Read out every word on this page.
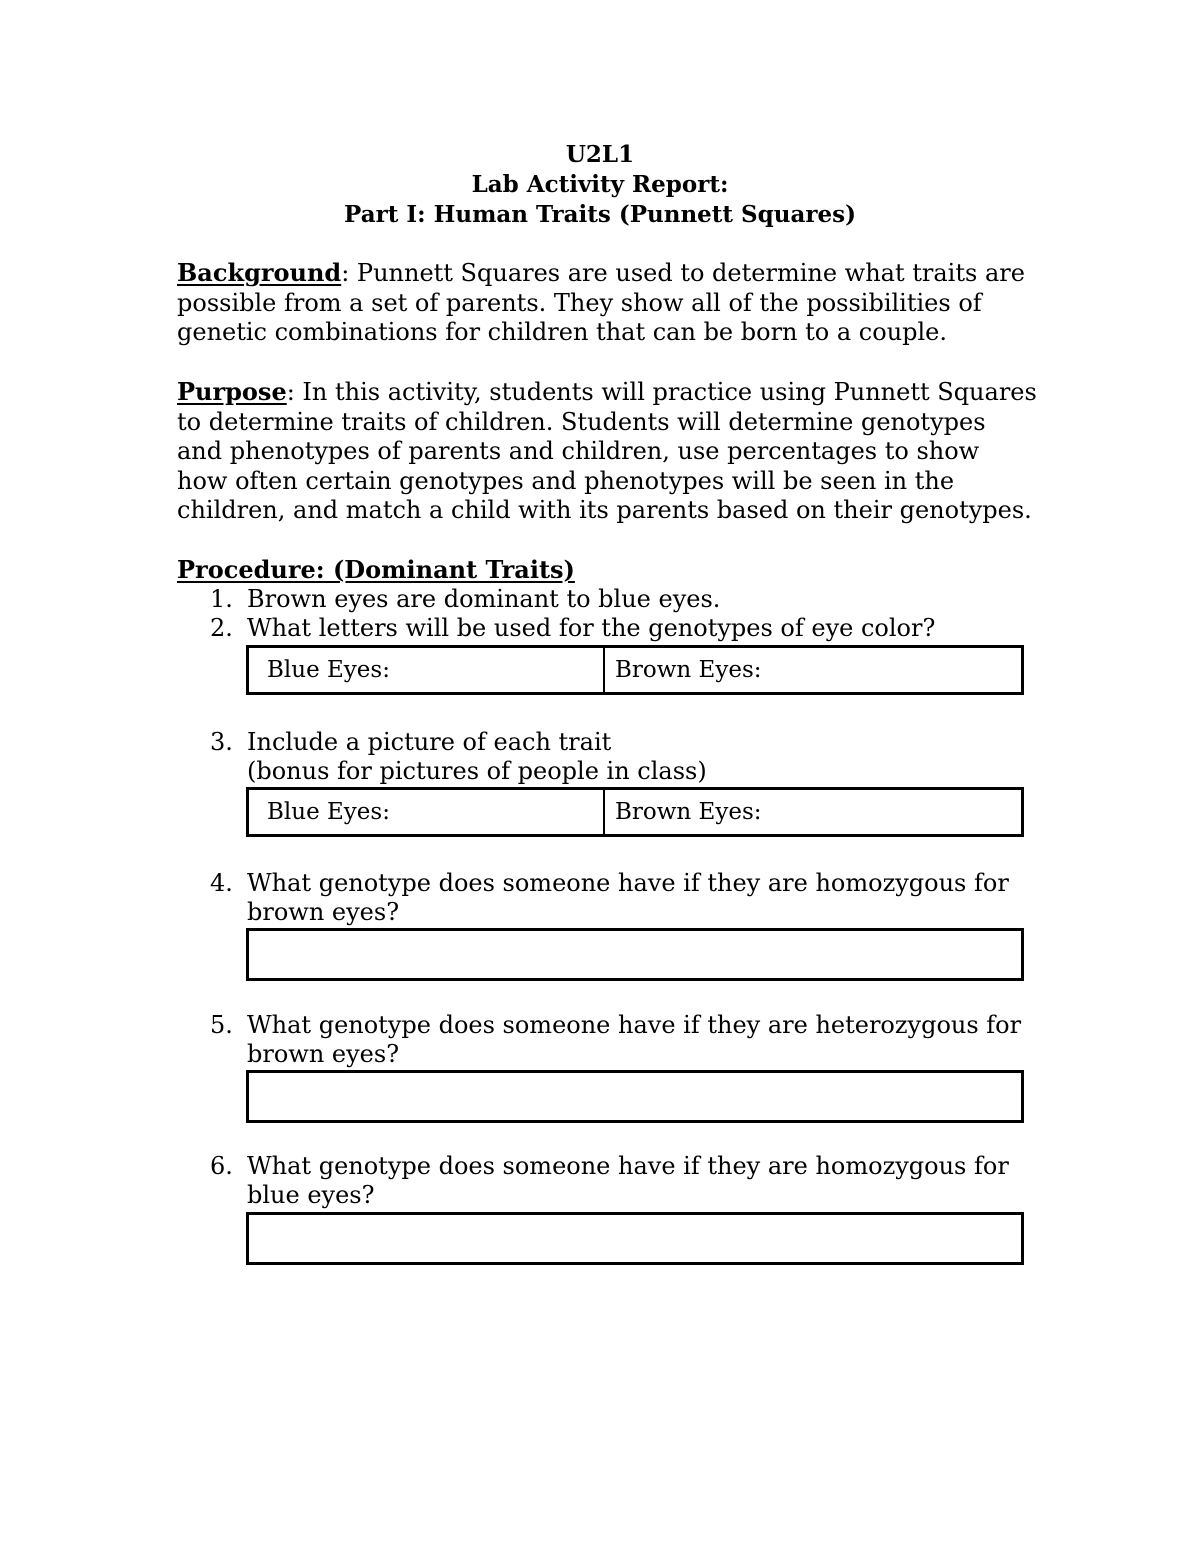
U2L1
Lab Activity Report:
Part I: Human Traits (Punnett Squares)
Background: Punnett Squares are used to determine what traits are possible from a set of parents. They show all of the possibilities of genetic combinations for children that can be born to a couple.
Purpose: In this activity, students will practice using Punnett Squares to determine traits of children. Students will determine genotypes and phenotypes of parents and children, use percentages to show how often certain genotypes and phenotypes will be seen in the children, and match a child with its parents based on their genotypes.
Procedure: (Dominant Traits)
1. Brown eyes are dominant to blue eyes.
2. What letters will be used for the genotypes of eye color?
Blue Eyes:	Brown Eyes:
3. Include a picture of each trait
(bonus for pictures of people in class)
Blue Eyes:	Brown Eyes:
4. What genotype does someone have if they are homozygous for brown eyes?
5. What genotype does someone have if they are heterozygous for brown eyes?
6. What genotype does someone have if they are homozygous for blue eyes?
